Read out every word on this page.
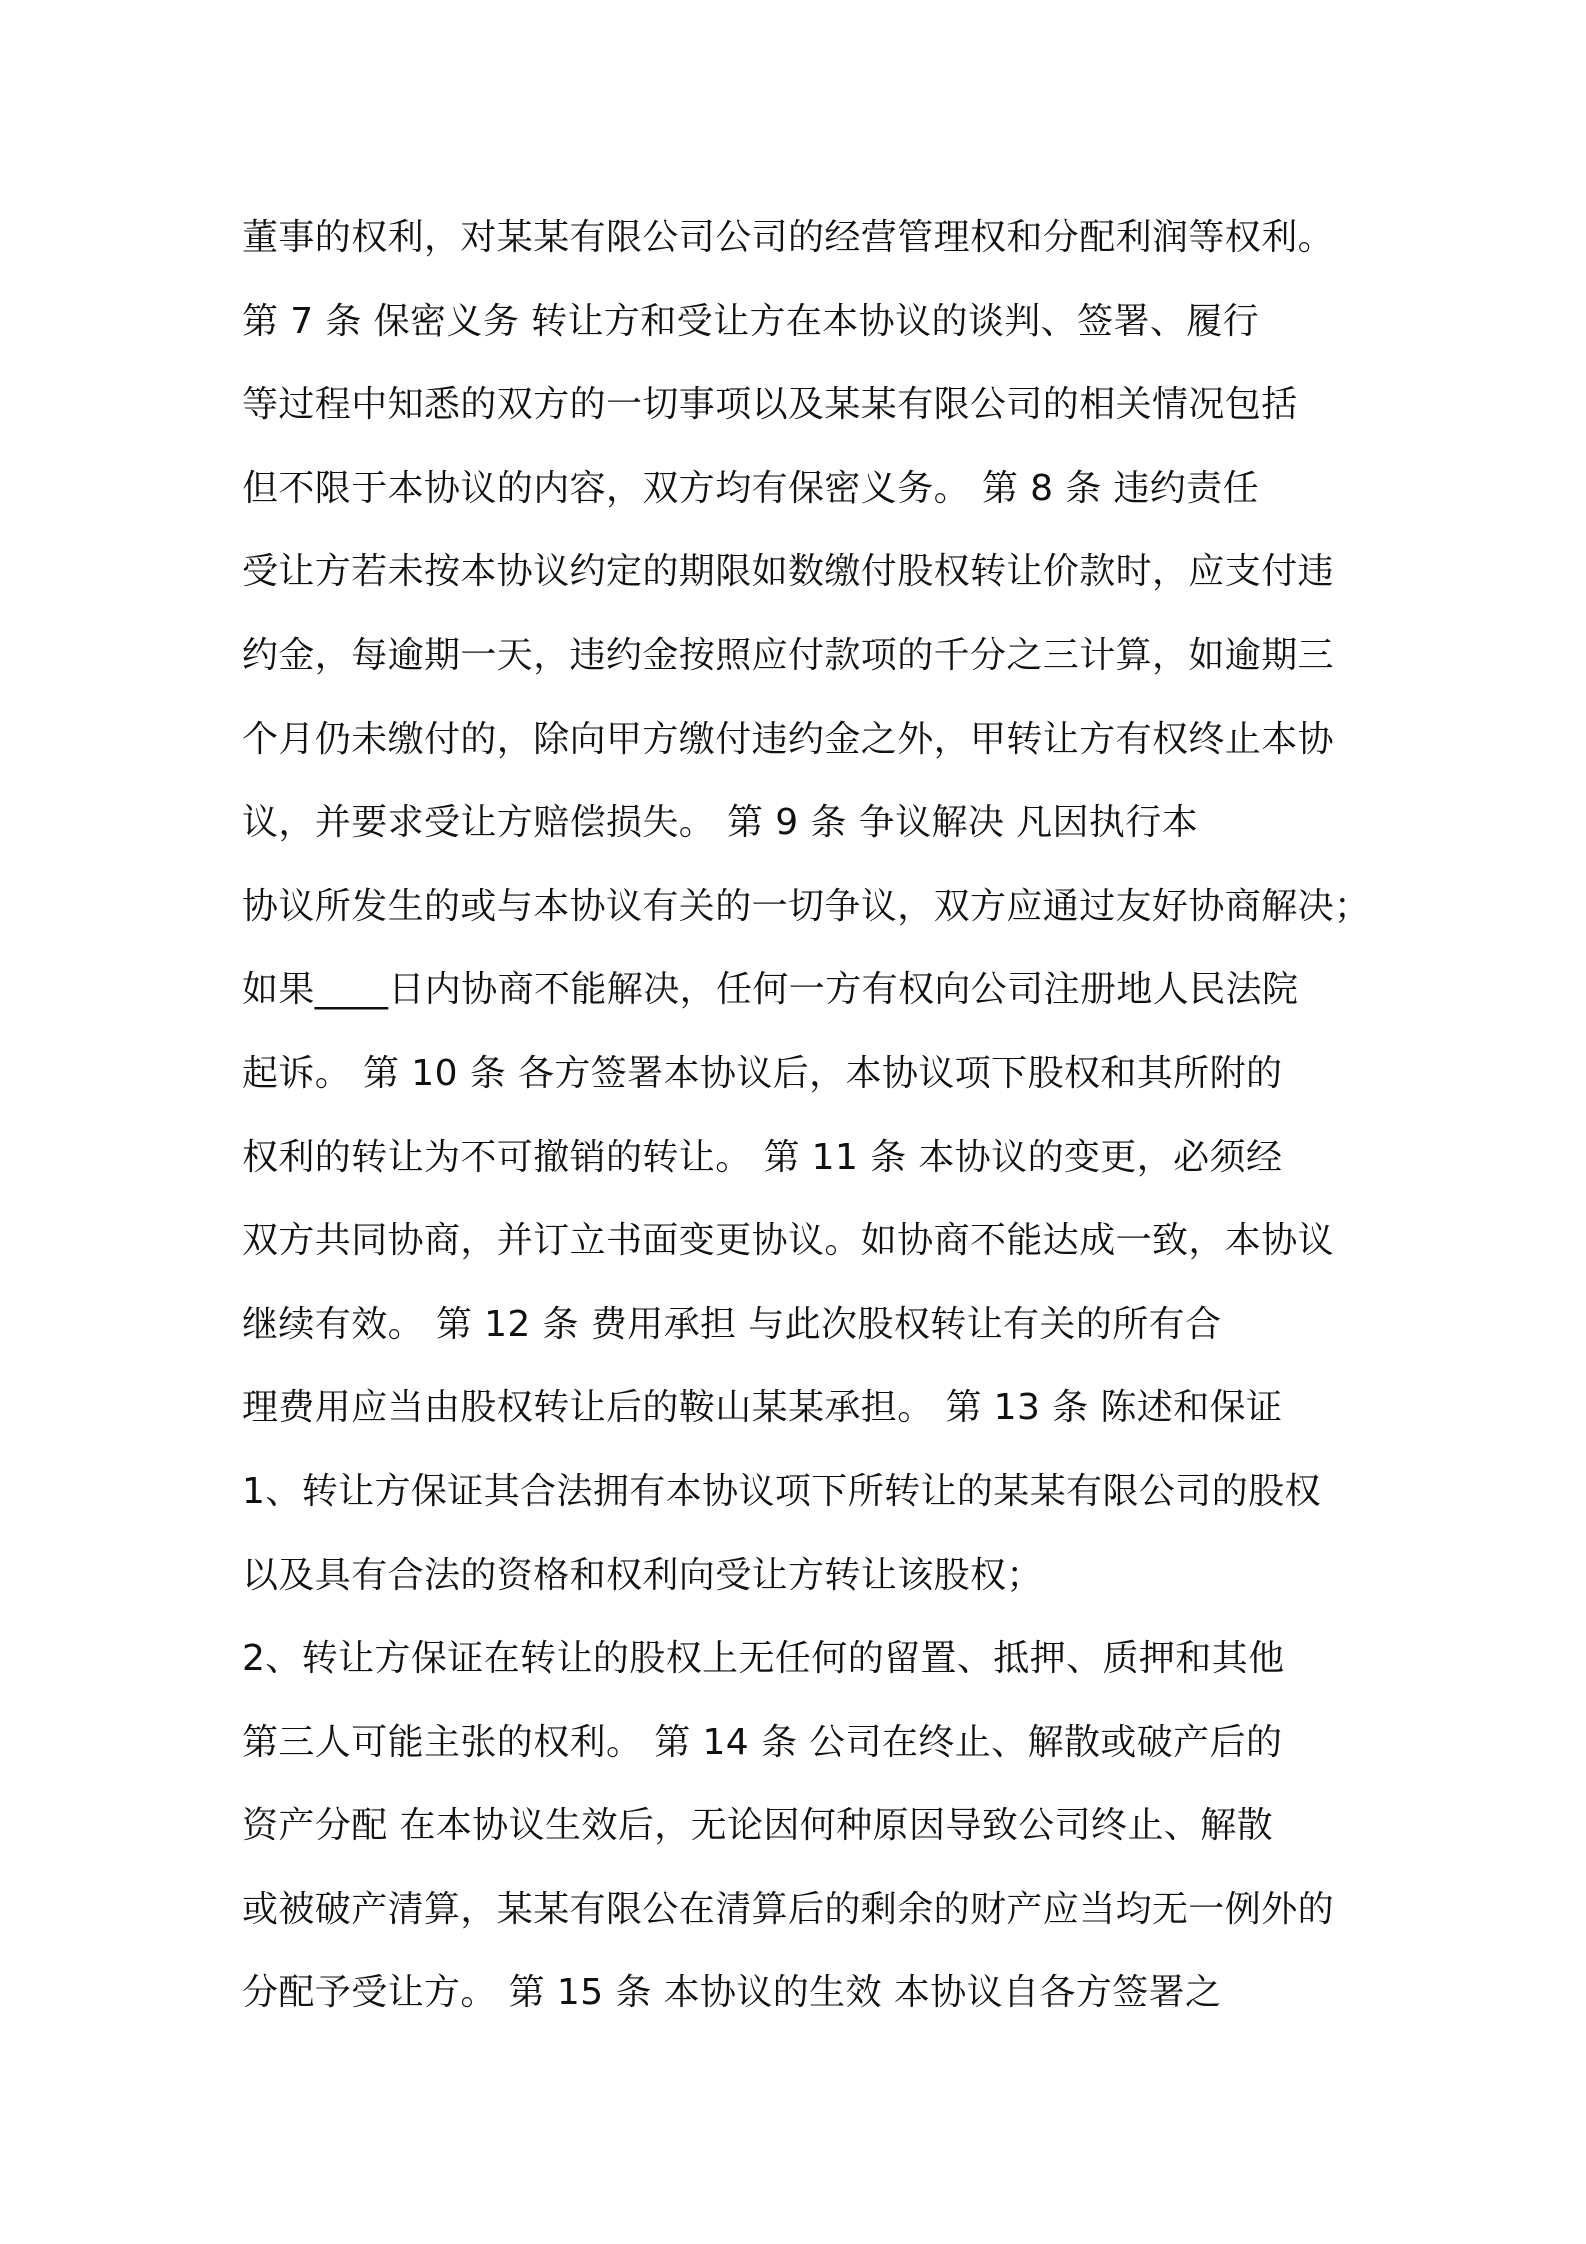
董事的权利，对某某有限公司公司的经营管理权和分配利润等权利。
第 7 条 保密义务 转让方和受让方在本协议的谈判、签署、履行
等过程中知悉的双方的一切事项以及某某有限公司的相关情况包括
但不限于本协议的内容，双方均有保密义务。 第 8 条 违约责任
受让方若未按本协议约定的期限如数缴付股权转让价款时，应支付违
约金，每逾期一天，违约金按照应付款项的千分之三计算，如逾期三
个月仍未缴付的，除向甲方缴付违约金之外，甲转让方有权终止本协
议，并要求受让方赔偿损失。 第 9 条 争议解决 凡因执行本
协议所发生的或与本协议有关的一切争议，双方应通过友好协商解决；
如果____日内协商不能解决，任何一方有权向公司注册地人民法院
起诉。 第 10 条 各方签署本协议后，本协议项下股权和其所附的
权利的转让为不可撤销的转让。 第 11 条 本协议的变更，必须经
双方共同协商，并订立书面变更协议。如协商不能达成一致，本协议
继续有效。 第 12 条 费用承担 与此次股权转让有关的所有合
理费用应当由股权转让后的鞍山某某承担。 第 13 条 陈述和保证
1、转让方保证其合法拥有本协议项下所转让的某某有限公司的股权
以及具有合法的资格和权利向受让方转让该股权；
2、转让方保证在转让的股权上无任何的留置、抵押、质押和其他
第三人可能主张的权利。 第 14 条 公司在终止、解散或破产后的
资产分配 在本协议生效后，无论因何种原因导致公司终止、解散
或被破产清算，某某有限公在清算后的剩余的财产应当均无一例外的
分配予受让方。 第 15 条 本协议的生效 本协议自各方签署之
